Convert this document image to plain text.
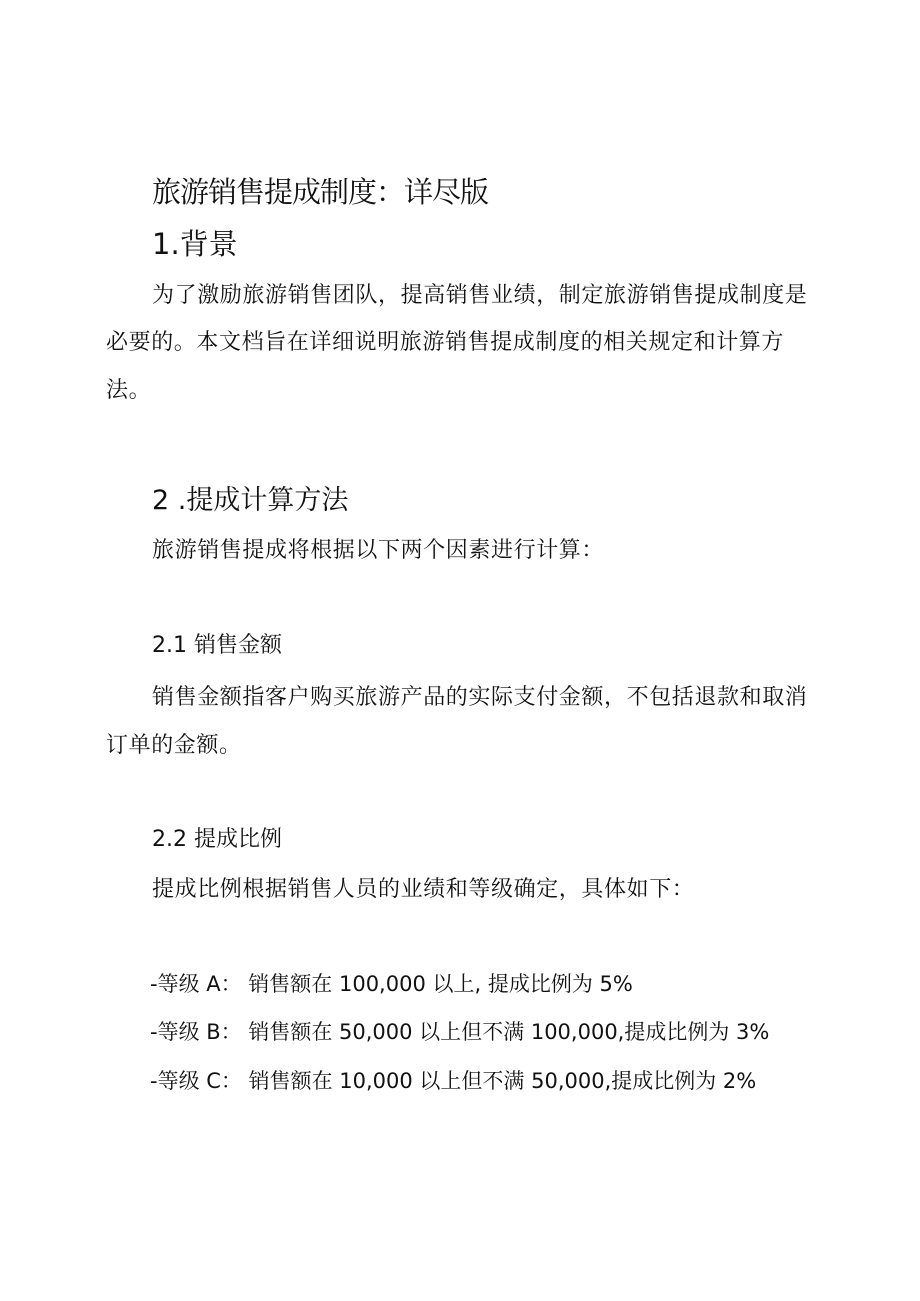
旅游销售提成制度：详尽版
1.背景
为了激励旅游销售团队，提高销售业绩，制定旅游销售提成制度是
必要的。本文档旨在详细说明旅游销售提成制度的相关规定和计算方
法。
2 .提成计算方法
旅游销售提成将根据以下两个因素进行计算：
2.1 销售金额
销售金额指客户购买旅游产品的实际支付金额，不包括退款和取消
订单的金额。
2.2 提成比例
提成比例根据销售人员的业绩和等级确定，具体如下：
-等级 A： 销售额在 100,000 以上, 提成比例为 5%
-等级 B： 销售额在 50,000 以上但不满 100,000,提成比例为 3%
-等级 C： 销售额在 10,000 以上但不满 50,000,提成比例为 2%
